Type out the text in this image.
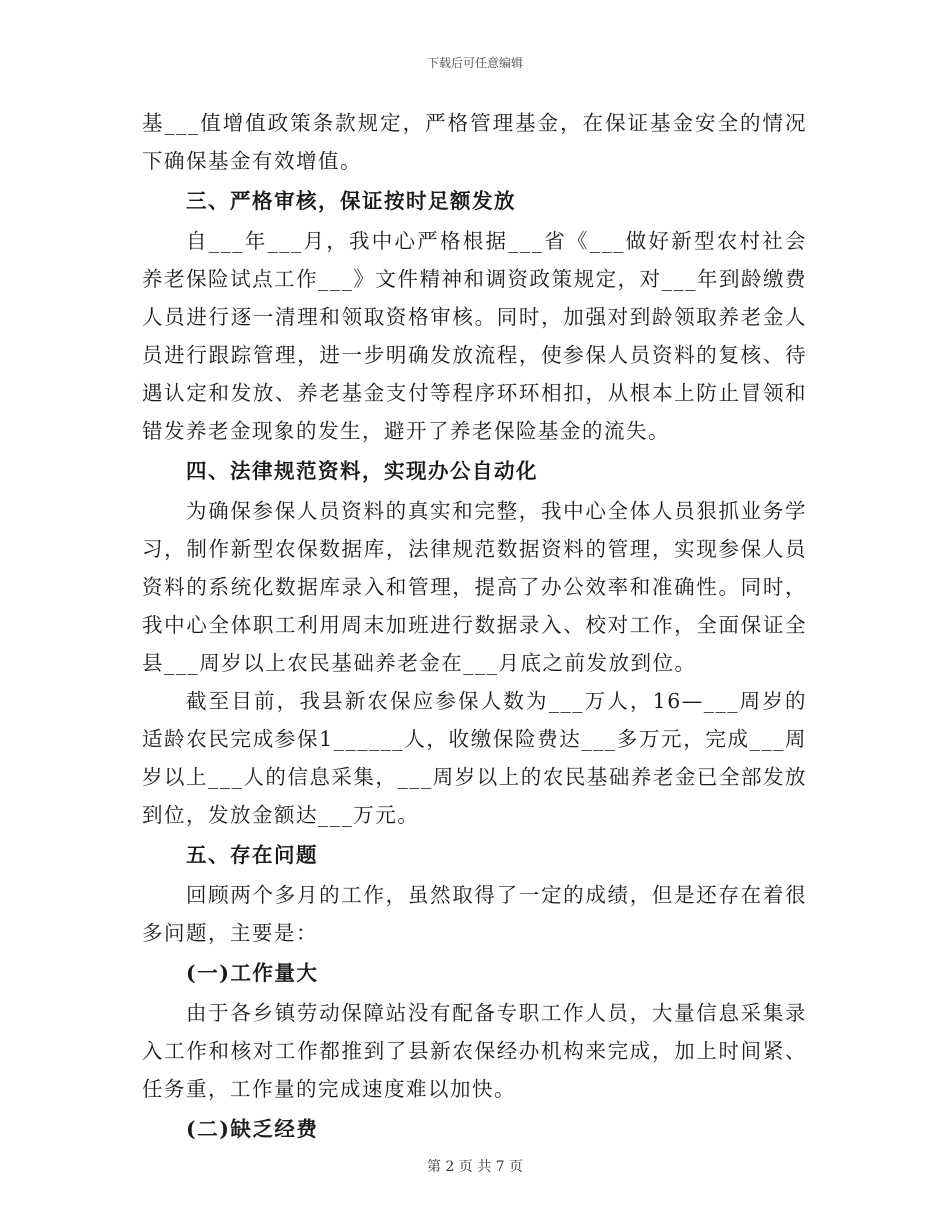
下载后可任意编辑

基___值增值政策条款规定，严格管理基金，在保证基金安全的情况下确保基金有效增值。

三、严格审核，保证按时足额发放

自___年___月，我中心严格根据___省《___做好新型农村社会养老保险试点工作___》文件精神和调资政策规定，对___年到龄缴费人员进行逐一清理和领取资格审核。同时，加强对到龄领取养老金人员进行跟踪管理，进一步明确发放流程，使参保人员资料的复核、待遇认定和发放、养老基金支付等程序环环相扣，从根本上防止冒领和错发养老金现象的发生，避开了养老保险基金的流失。

四、法律规范资料，实现办公自动化

为确保参保人员资料的真实和完整，我中心全体人员狠抓业务学习，制作新型农保数据库，法律规范数据资料的管理，实现参保人员资料的系统化数据库录入和管理，提高了办公效率和准确性。同时，我中心全体职工利用周末加班进行数据录入、校对工作，全面保证全县___周岁以上农民基础养老金在___月底之前发放到位。

截至目前，我县新农保应参保人数为___万人，16—___周岁的适龄农民完成参保1______人，收缴保险费达___多万元，完成___周岁以上___人的信息采集，___周岁以上的农民基础养老金已全部发放到位，发放金额达___万元。

五、存在问题

回顾两个多月的工作，虽然取得了一定的成绩，但是还存在着很多问题，主要是：

(一)工作量大

由于各乡镇劳动保障站没有配备专职工作人员，大量信息采集录入工作和核对工作都推到了县新农保经办机构来完成，加上时间紧、任务重，工作量的完成速度难以加快。

(二)缺乏经费

第 2 页 共 7 页
